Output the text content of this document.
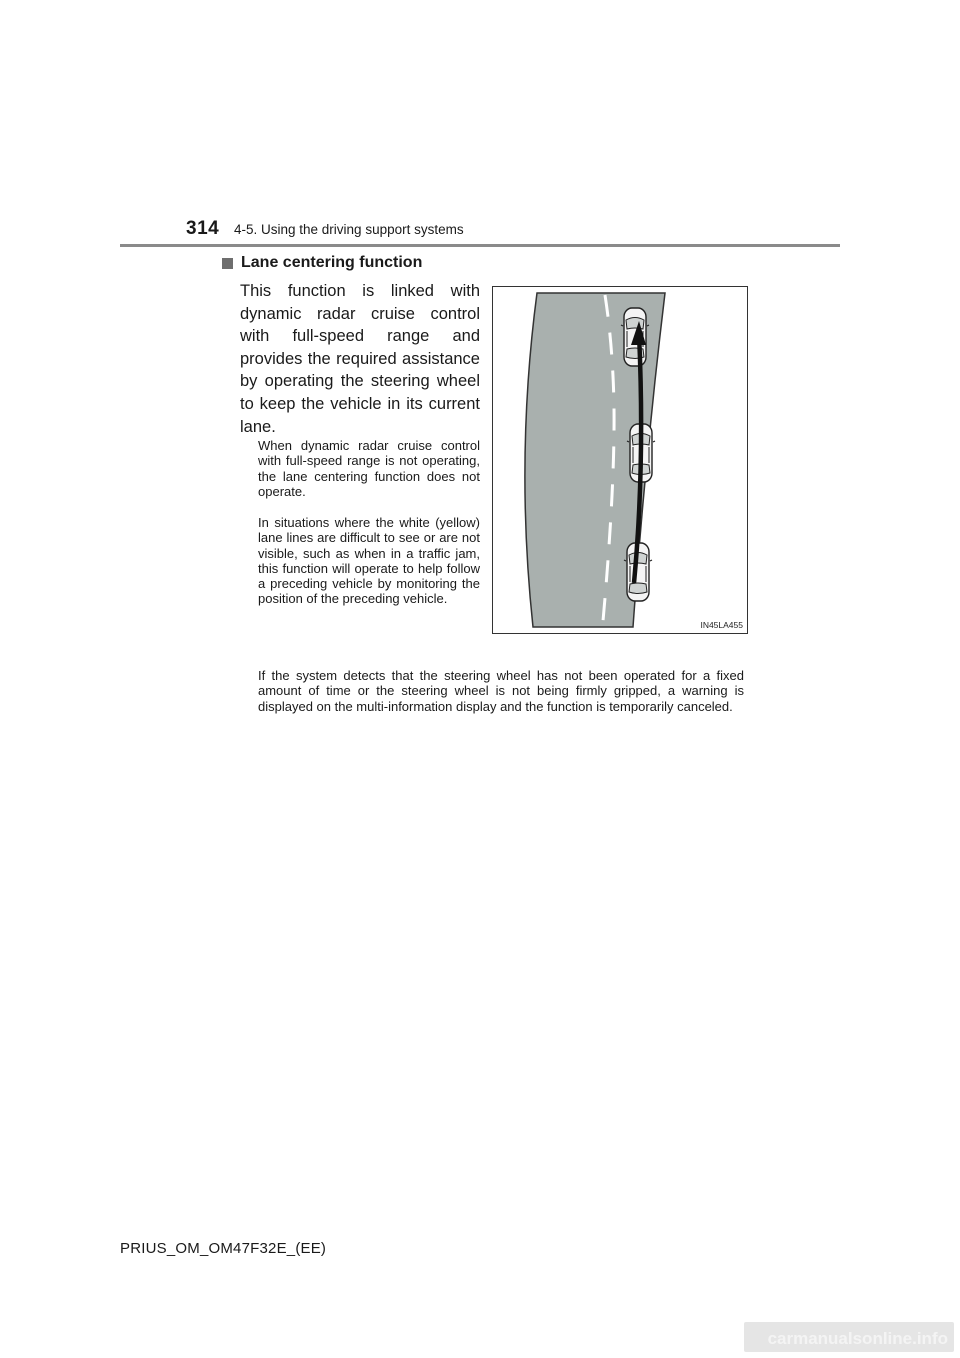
314 4-5. Using the driving support systems
Lane centering function
This function is linked with dynamic radar cruise control with full-speed range and provides the required assistance by operating the steering wheel to keep the vehicle in its current lane.

When dynamic radar cruise control with full-speed range is not operating, the lane centering function does not operate.

In situations where the white (yellow) lane lines are difficult to see or are not visible, such as when in a traffic jam, this function will operate to help follow a preceding vehicle by monitoring the position of the preceding vehicle.

If the system detects that the steering wheel has not been operated for a fixed amount of time or the steering wheel is not being firmly gripped, a warning is displayed on the multi-information display and the function is temporarily canceled.

IN45LA455
PRIUS_OM_OM47F32E_(EE)
carmanualsonline.info
